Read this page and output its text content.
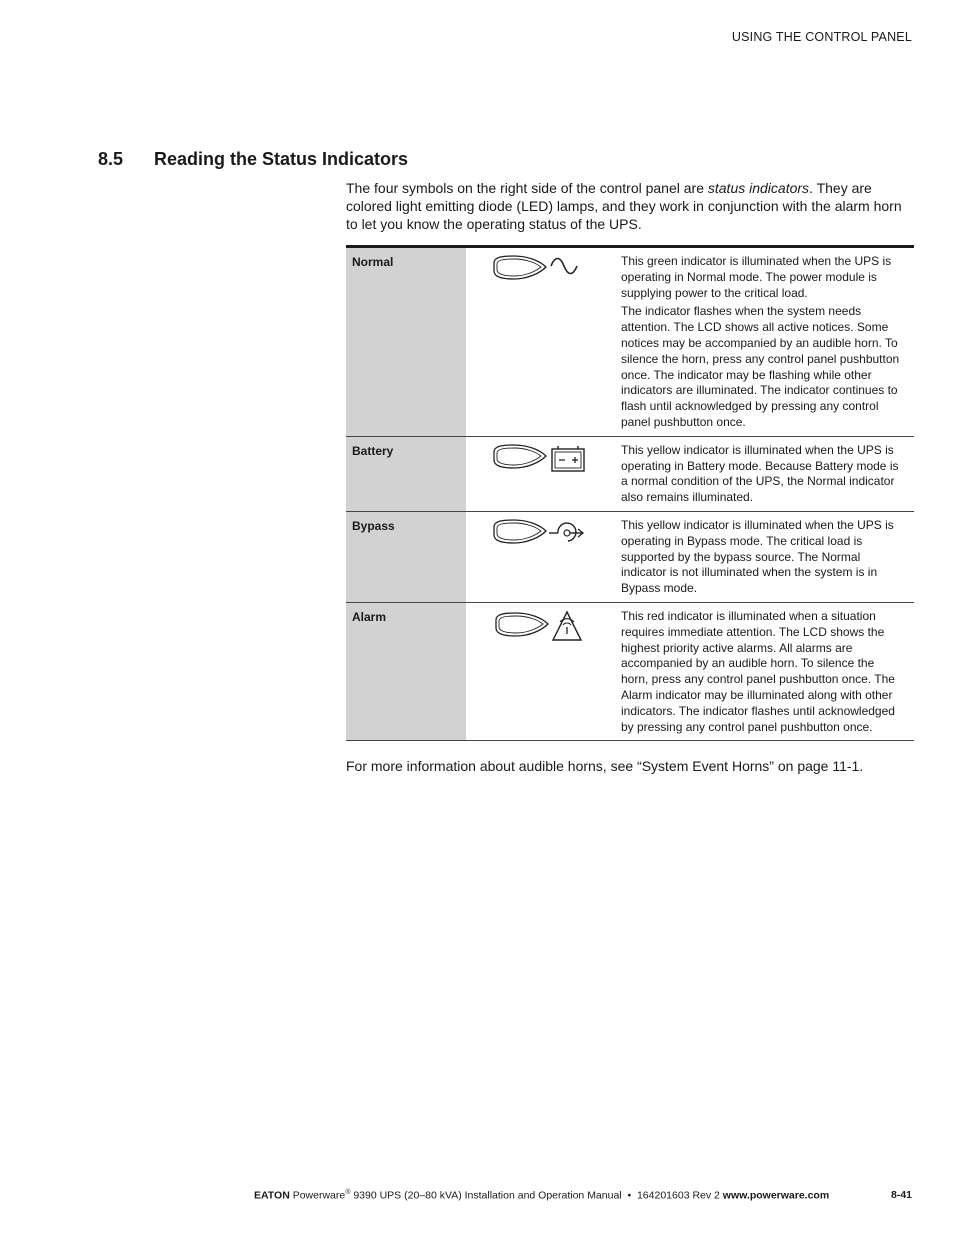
USING THE CONTROL PANEL
8.5 Reading the Status Indicators

The four symbols on the right side of the control panel are status indicators. They are colored light emitting diode (LED) lamps, and they work in conjunction with the alarm horn to let you know the operating status of the UPS.

Normal		This green indicator is illuminated when the UPS is operating in Normal mode. The power module is supplying power to the critical load.

The indicator flashes when the system needs attention. The LCD shows all active notices. Some notices may be accompanied by an audible horn. To silence the horn, press any control panel pushbutton once. The indicator may be flashing while other indicators are illuminated. The indicator continues to flash until acknowledged by pressing any control panel pushbutton once.

Battery		This yellow indicator is illuminated when the UPS is operating in Battery mode. Because Battery mode is a normal condition of the UPS, the Normal indicator also remains illuminated.

Bypass		This yellow indicator is illuminated when the UPS is operating in Bypass mode. The critical load is supported by the bypass source. The Normal indicator is not illuminated when the system is in Bypass mode.

Alarm		This red indicator is illuminated when a situation requires immediate attention. The LCD shows the highest priority active alarms. All alarms are accompanied by an audible horn. To silence the horn, press any control panel pushbutton once. The Alarm indicator may be illuminated along with other indicators. The indicator flashes until acknowledged by pressing any control panel pushbutton once.

For more information about audible horns, see “System Event Horns” on page 11-1.

EATON Powerware® 9390 UPS (20–80 kVA) Installation and Operation Manual  •  164201603 Rev 2 www.powerware.com	8-41
